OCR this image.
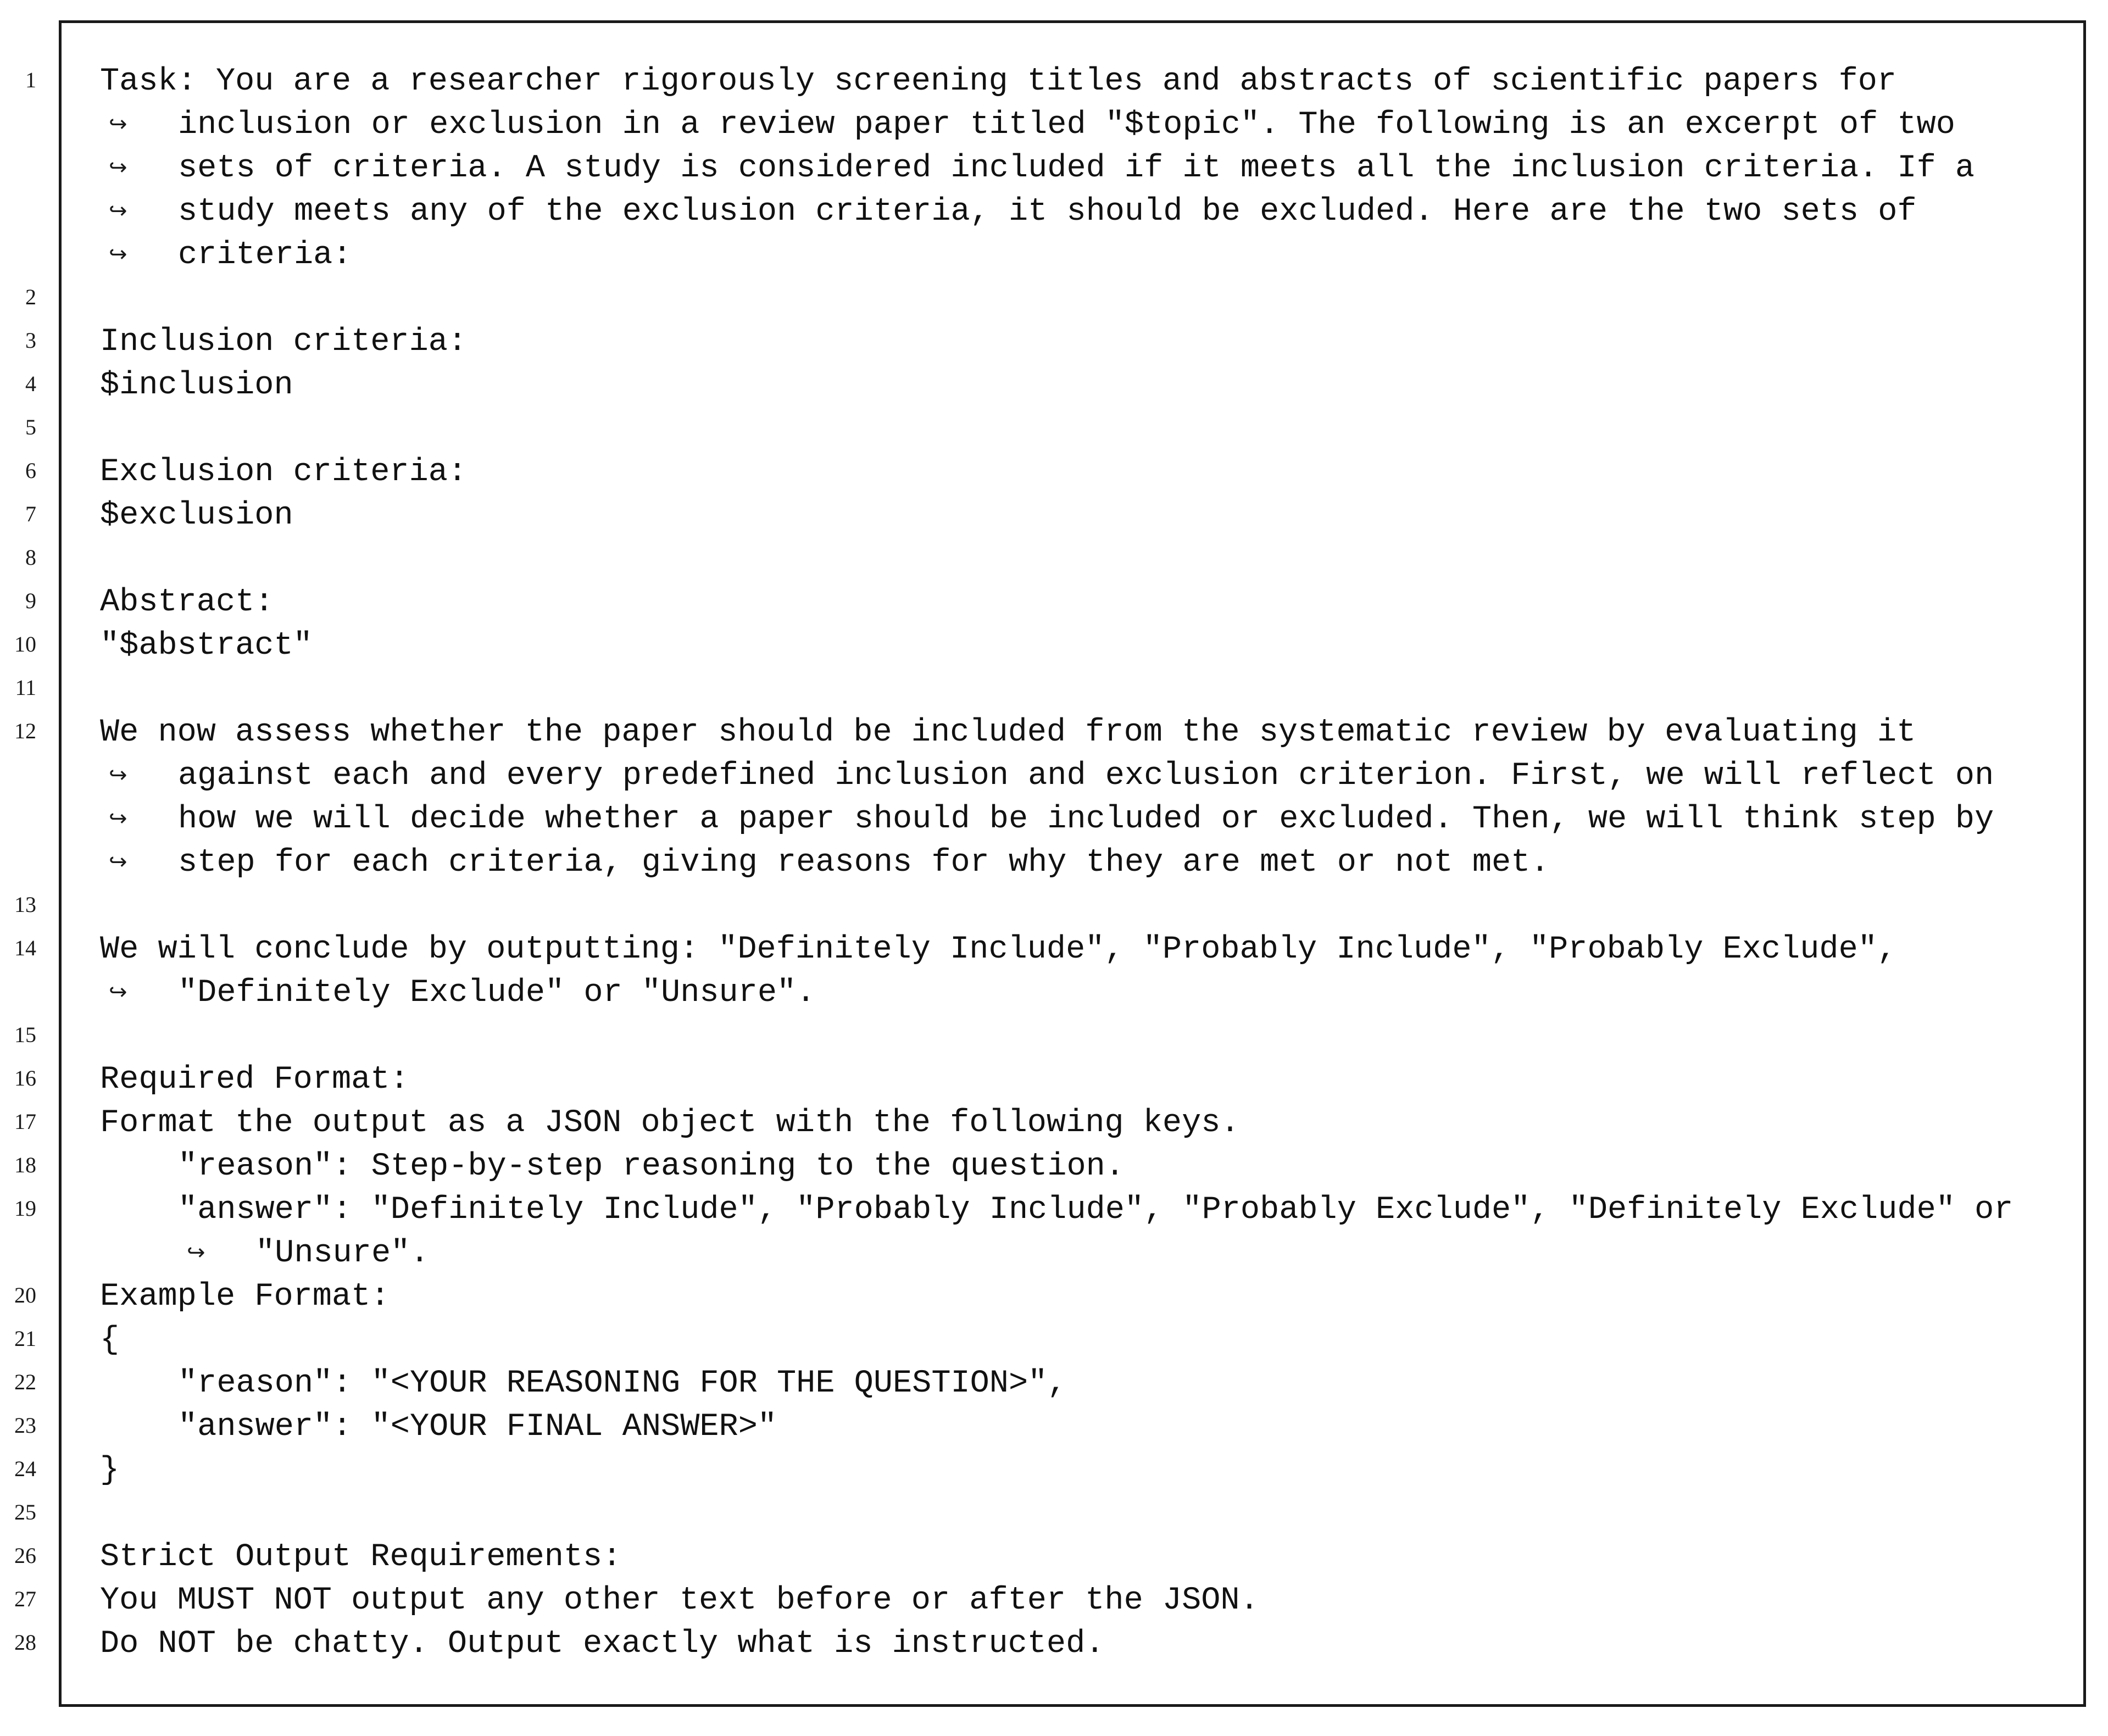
1 Task: You are a researcher rigorously screening titles and abstracts of scientific papers for
↪ inclusion or exclusion in a review paper titled "$topic". The following is an excerpt of two
↪ sets of criteria. A study is considered included if it meets all the inclusion criteria. If a
↪ study meets any of the exclusion criteria, it should be excluded. Here are the two sets of
↪ criteria:
2
3 Inclusion criteria:
4 $inclusion
5
6 Exclusion criteria:
7 $exclusion
8
9 Abstract:
10 "$abstract"
11
12 We now assess whether the paper should be included from the systematic review by evaluating it
↪ against each and every predefined inclusion and exclusion criterion. First, we will reflect on
↪ how we will decide whether a paper should be included or excluded. Then, we will think step by
↪ step for each criteria, giving reasons for why they are met or not met.
13
14 We will conclude by outputting: "Definitely Include", "Probably Include", "Probably Exclude",
↪ "Definitely Exclude" or "Unsure".
15
16 Required Format:
17 Format the output as a JSON object with the following keys.
18	"reason": Step-by-step reasoning to the question.
19	"answer": "Definitely Include", "Probably Include", "Probably Exclude", "Definitely Exclude" or
↪ "Unsure".
20 Example Format:
21 {
22	"reason": "<YOUR REASONING FOR THE QUESTION>",
23	"answer": "<YOUR FINAL ANSWER>"
24 }
25
26 Strict Output Requirements:
27 You MUST NOT output any other text before or after the JSON.
28 Do NOT be chatty. Output exactly what is instructed.
